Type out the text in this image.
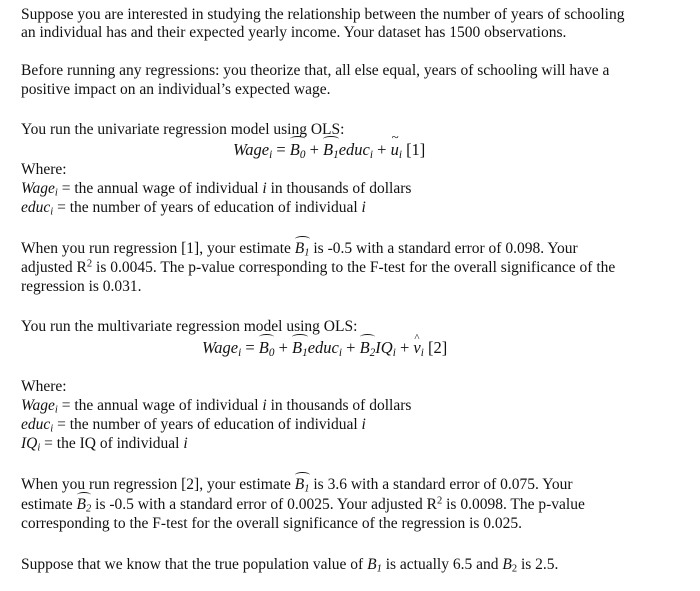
Suppose you are interested in studying the relationship between the number of years of schooling
an individual has and their expected yearly income. Your dataset has 1500 observations.
Before running any regressions: you theorize that, all else equal, years of schooling will have a
positive impact on an individual’s expected wage.
You run the univariate regression model using OLS:
Wage$_i$ = $B_0$ + $B_1educ_i$ + ~ $u_i$ [1]
Where:
Wage$_i$ = the annual wage of individual i in thousands of dollars
educ$_i$ = the number of years of education of individual i
When you run regression [1], your estimate $B_1$ is -0.5 with a standard error of 0.098. Your
adjusted $R^2$ is 0.0045. The p-value corresponding to the F-test for the overall significance of the
regression is 0.031.
You run the multivariate regression model using OLS:
Wage$_i$ = $B_0$ + $B_1educ_i + B_2IQ_i$ + ^ $v_i$ [2]
Where:
Wage$_i$ = the annual wage of individual i in thousands of dollars
educ$_i$ = the number of years of education of individual i
$IQ_i$ = the IQ of individual i
When you run regression [2], your estimate $B_1$ is 3.6 with a standard error of 0.075. Your
estimate $B_2$ is -0.5 with a standard error of 0.0025. Your adjusted $R^2$ is 0.0098. The p-value
corresponding to the F-test for the overall significance of the regression is 0.025.
Suppose that we know that the true population value of $B_1$ is actually 6.5 and $B_2$ is 2.5.
